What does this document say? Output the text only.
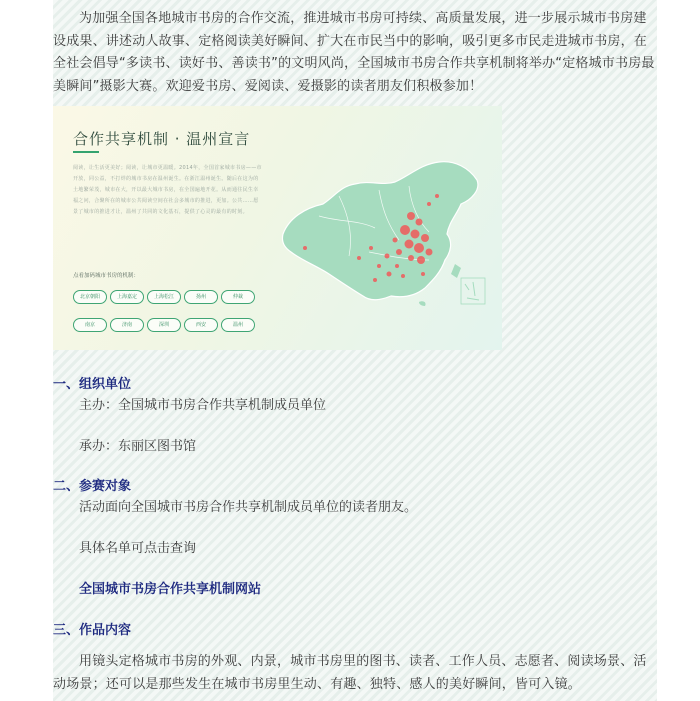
为加强全国各地城市书房的合作交流，推进城市书房可持续、高质量发展，进一步展示城市书房建设成果、讲述动人故事、定格阅读美好瞬间、扩大在市民当中的影响，吸引更多市民走进城市书房，在全社会倡导“多读书、读好书、善读书”的文明风尚，全国城市书房合作共享机制将举办“定格城市书房最美瞬间”摄影大赛。欢迎爱书房、爱阅读、爱摄影的读者朋友们积极参加！

合作共享机制 · 温州宣言
阅读，让生活更美好；阅读，让城市更温暖。2014年，全国首家城市书房——市开放，同公益，不打烊的城市书房在温州诞生。在浙江温州诞生。随后在这为的土地繁荣茂，城市在大，开以最大城市书房，在全国遍地开花。从而通往民生幸福之问，合聚所在的城市公共阅读空间在社会多城市的推进，更加。公共……愿景了城市的推进才让，温州了共同的文化基石，提供了心灵的最有的时刻。
点看加码城市书房的机制：
北京朝阳	上海嘉定	上海松江	扬州	仲裁 南京	济南	深圳	西安	温州
一、组织单位
主办：全国城市书房合作共享机制成员单位
承办：东丽区图书馆
二、参赛对象
活动面向全国城市书房合作共享机制成员单位的读者朋友。
具体名单可点击查询
全国城市书房合作共享机制网站
三、作品内容

用镜头定格城市书房的外观、内景，城市书房里的图书、读者、工作人员、志愿者、阅读场景、活动场景；还可以是那些发生在城市书房里生动、有趣、独特、感人的美好瞬间，皆可入镜。
